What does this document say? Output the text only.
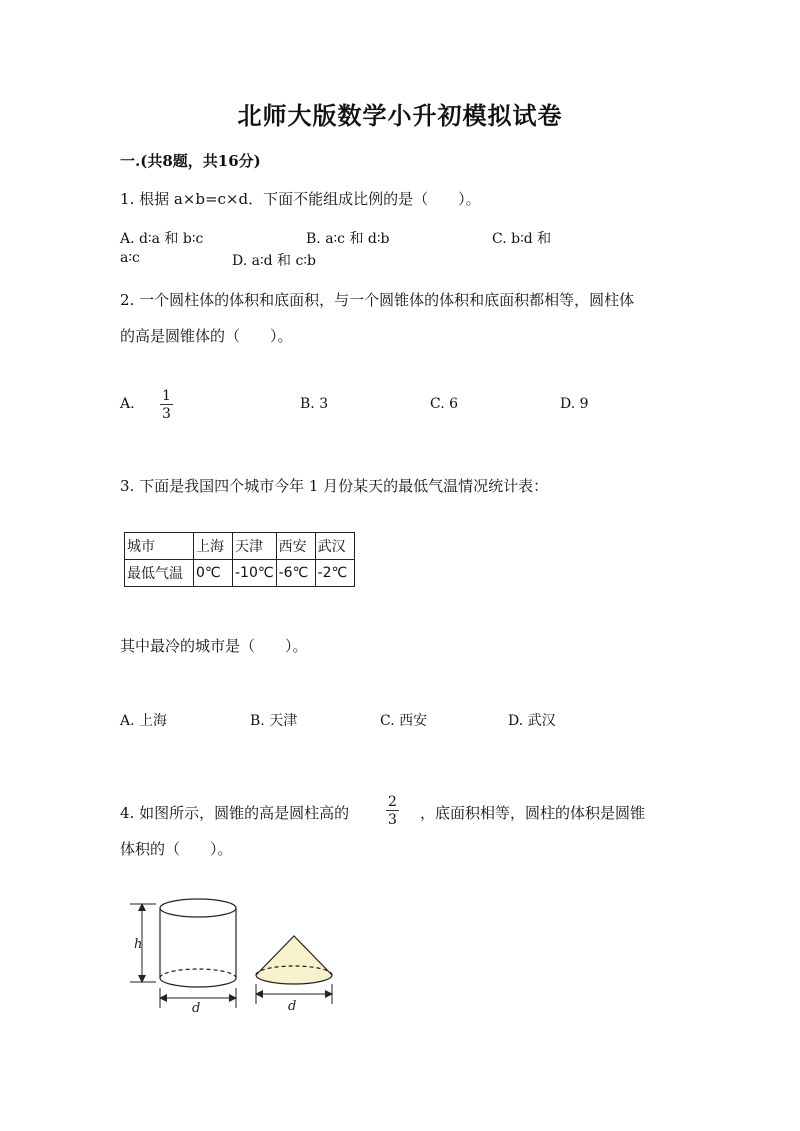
北师大版数学小升初模拟试卷
一.(共8题，共16分)
1. 根据 a×b=c×d．下面不能组成比例的是（　　）。
A. d∶a 和 b∶c	B. a∶c 和 d∶b	C. b∶d 和
a∶c	D. a∶d 和 c∶b
2. 一个圆柱体的体积和底面积，与一个圆锥体的体积和底面积都相等，圆柱体
的高是圆锥体的（　　）。
A. $\frac{1}{3}$	B. 3	C. 6	D. 9
3. 下面是我国四个城市今年 1 月份某天的最低气温情况统计表：
城市	上海	天津	西安	武汉
最低气温	0℃	-10℃	-6℃	-2℃
其中最冷的城市是（　　）。
A. 上海	B. 天津	C. 西安	D. 武汉
4. 如图所示，圆锥的高是圆柱高的	$\frac{2}{3}$ ，底面积相等，圆柱的体积是圆锥
体积的（　　）。
h
d	d
